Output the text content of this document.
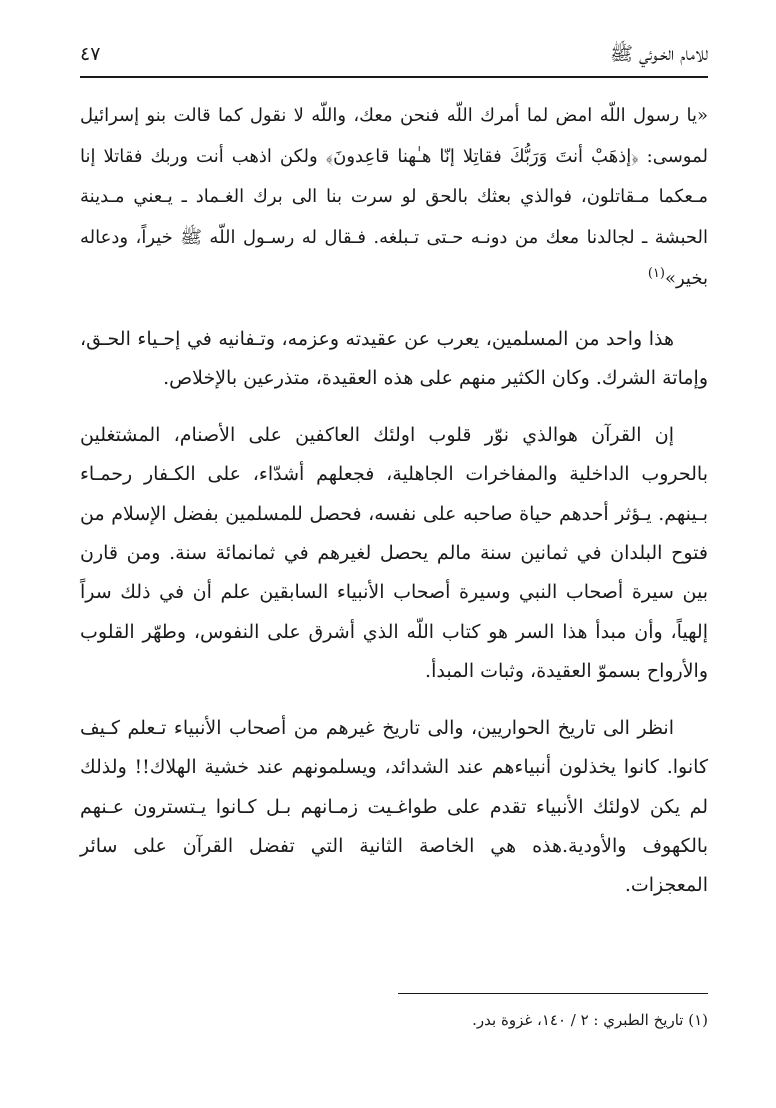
للامام الخـوئي ﷺ
٤٧

«يا رسول اللّه امض لما أمرك اللّه فنحن معك، واللّه لا نقول كما قالت بنو إسرائيل لموسى: ﴿إذهَبْ أنتَ وَرَبُّكَ فقاتِلا إنّا هـٰهنا قاعِدونَ﴾ ولكن اذهب أنت وربك فقاتلا إنا مـعكما مـقاتلون، فوالذي بعثك بالحق لو سرت بنا الى برك الغـماد ـ يـعني مـدينة الحبشة ـ لجالدنا معك من دونـه حـتى تـبلغه. فـقال له رسـول اللّه ﷺ خيراً، ودعاله بخير»$^{(١)}$

هذا واحد من المسلمين، يعرب عن عقيدته وعزمه، وتـفانيه في إحـياء الحـق، وإماتة الشرك. وكان الكثير منهم على هذه العقيدة، متذرعين بالإخلاص.

إن القرآن هوالذي نوّر قلوب اولئك العاكفين على الأصنام، المشتغلين بالحروب الداخلية والمفاخرات الجاهلية، فجعلهم أشدّاء، على الكـفار رحمـاء بـينهم. يـؤثر أحدهم حياة صاحبه على نفسه، فحصل للمسلمين بفضل الإسلام من فتوح البلدان في ثمانين سنة مالم يحصل لغيرهم في ثمانمائة سنة. ومن قارن بين سيرة أصحاب النبي وسيرة أصحاب الأنبياء السابقين علم أن في ذلك سراً إلهياً، وأن مبدأ هذا السر هو كتاب اللّه الذي أشرق على النفوس، وطهّر القلوب والأرواح بسموّ العقيدة، وثبات المبدأ.

انظر الى تاريخ الحواريين، والى تاريخ غيرهم من أصحاب الأنبياء تـعلم كـيف كانوا. كانوا يخذلون أنبياءهم عند الشدائد، ويسلمونهم عند خشية الهلاك!! ولذلك لم يكن لاولئك الأنبياء تقدم على طواغـيت زمـانهم بـل كـانوا يـتسترون عـنهم بالكهوف والأودية.هذه هي الخاصة الثانية التي تفضل القرآن على سائر المعجزات.

(١) تاريخ الطبري : ٢ / ١٤٠، غزوة بدر.
